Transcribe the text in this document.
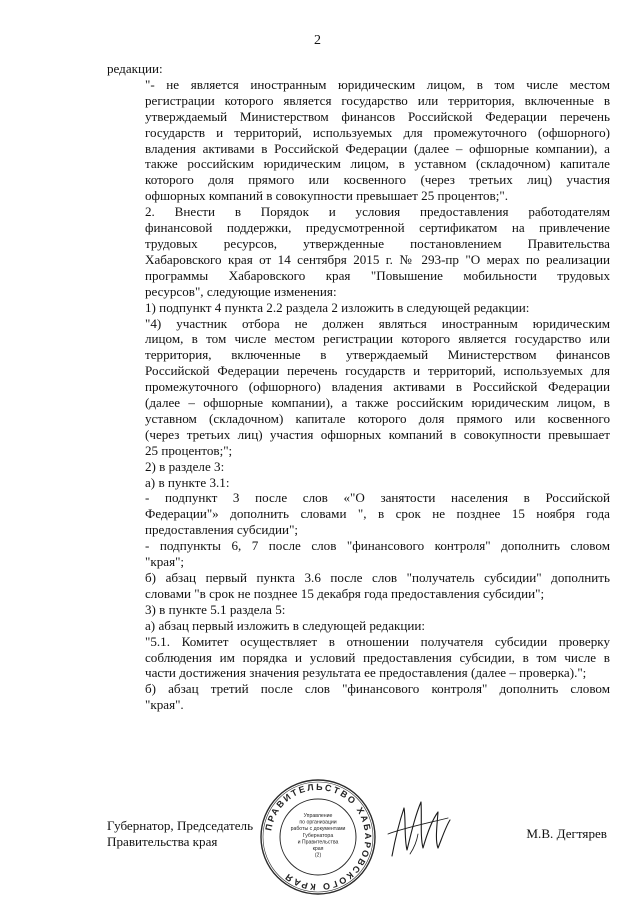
2

редакции:

"- не является иностранным юридическим лицом, в том числе местом
регистрации которого является государство или территория, включенные в
утверждаемый Министерством финансов Российской Федерации перечень
государств и территорий, используемых для промежуточного (офшорного)
владения активами в Российской Федерации (далее – офшорные компании), а
также российским юридическим лицом, в уставном (складочном) капитале
которого доля прямого или косвенного (через третьих лиц) участия
офшорных компаний в совокупности превышает 25 процентов;".

2. Внести в Порядок и условия предоставления работодателям
финансовой поддержки, предусмотренной сертификатом на привлечение
трудовых ресурсов, утвержденные постановлением Правительства
Хабаровского края от 14 сентября 2015 г. № 293-пр "О мерах по реализации
программы Хабаровского края "Повышение мобильности трудовых
ресурсов", следующие изменения:

1) подпункт 4 пункта 2.2 раздела 2 изложить в следующей редакции:

"4) участник отбора не должен являться иностранным юридическим
лицом, в том числе местом регистрации которого является государство или
территория, включенные в утверждаемый Министерством финансов
Российской Федерации перечень государств и территорий, используемых для
промежуточного (офшорного) владения активами в Российской Федерации
(далее – офшорные компании), а также российским юридическим лицом, в
уставном (складочном) капитале которого доля прямого или косвенного
(через третьих лиц) участия офшорных компаний в совокупности превышает
25 процентов;";

2) в разделе 3:

а) в пункте 3.1:

- подпункт 3 после слов «"О занятости населения в Российской
Федерации"» дополнить словами ", в срок не позднее 15 ноября года
предоставления субсидии";

- подпункты 6, 7 после слов "финансового контроля" дополнить словом
"края";

б) абзац первый пункта 3.6 после слов "получатель субсидии" дополнить
словами "в срок не позднее 15 декабря года предоставления субсидии";

3) в пункте 5.1 раздела 5:

а) абзац первый изложить в следующей редакции:

"5.1. Комитет осуществляет в отношении получателя субсидии проверку
соблюдения им порядка и условий предоставления субсидии, в том числе в
части достижения значения результата ее предоставления (далее – проверка).";

б) абзац третий после слов "финансового контроля" дополнить словом
"края".

Губернатор, Председатель
Правительства края
М.В. Дегтярев
ПРАВИТЕЛЬСТВО ХАБАРОВСКОГО КРАЯ
Управление
по организации
работы с документами
Губернатора
и Правительства
края
(2)
